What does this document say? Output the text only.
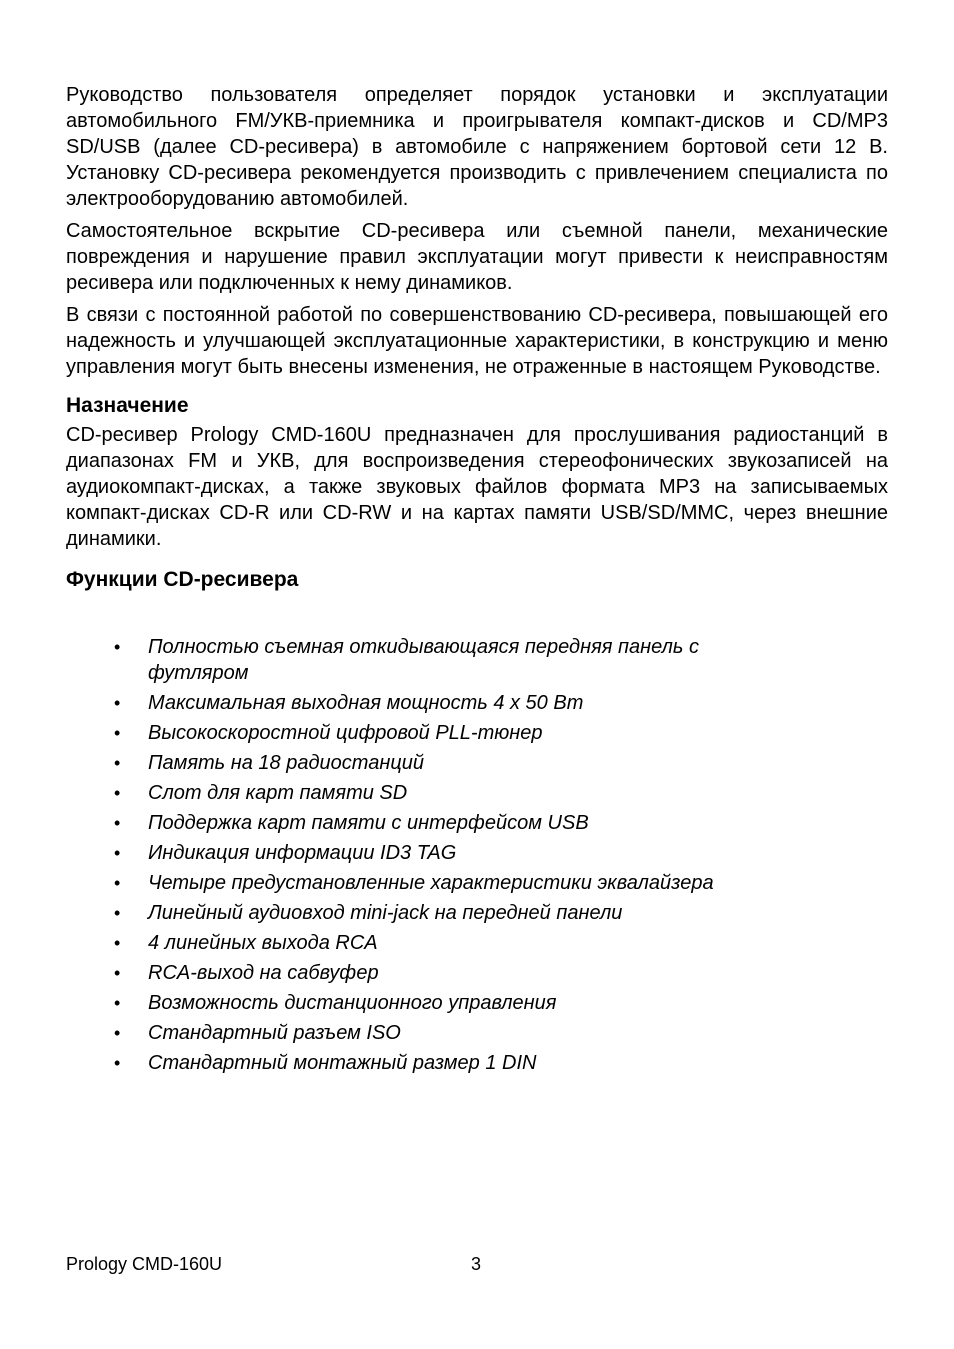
Руководство пользователя определяет порядок установки и эксплуатации автомобильного FM/УКВ-приемника и проигрывателя компакт-дисков и CD/MP3 SD/USB (далее CD-ресивера) в автомобиле с напряжением бортовой сети 12 В. Установку CD-ресивера рекомендуется производить с привлечением специалиста по электрооборудованию автомобилей.

Самостоятельное вскрытие CD-ресивера или съемной панели, механические повреждения и нарушение правил эксплуатации могут привести к неисправностям ресивера или подключенных к нему динамиков.

В связи с постоянной работой по совершенствованию CD-ресивера, повышающей его надежность и улучшающей эксплуатационные характеристики, в конструкцию и меню управления могут быть внесены изменения, не отраженные в настоящем Руководстве.

Назначение

CD-ресивер Prology CMD-160U предназначен для прослушивания радиостанций в диапазонах FM и УКВ, для воспроизведения стереофонических звукозаписей на аудиокомпакт-дисках, а также звуковых файлов формата MP3 на записываемых компакт-дисках CD-R или CD-RW и на картах памяти USB/SD/MMC, через внешние динамики.

Функции CD-ресивера
• Полностью съемная откидывающаяся передняя панель с футляром
• Максимальная выходная мощность 4 х 50 Вт
• Высокоскоростной цифровой PLL-тюнер
• Память на 18 радиостанций
• Слот для карт памяти SD
• Поддержка карт памяти с интерфейсом USB
• Индикация информации ID3 TAG
• Четыре предустановленные характеристики эквалайзера
• Линейный аудиовход mini-jack на передней панели
• 4 линейных выхода RCA
• RCA-выход на сабвуфер
• Возможность дистанционного управления
• Стандартный разъем ISO
• Стандартный монтажный размер 1 DIN
Prology CMD-160U	3
